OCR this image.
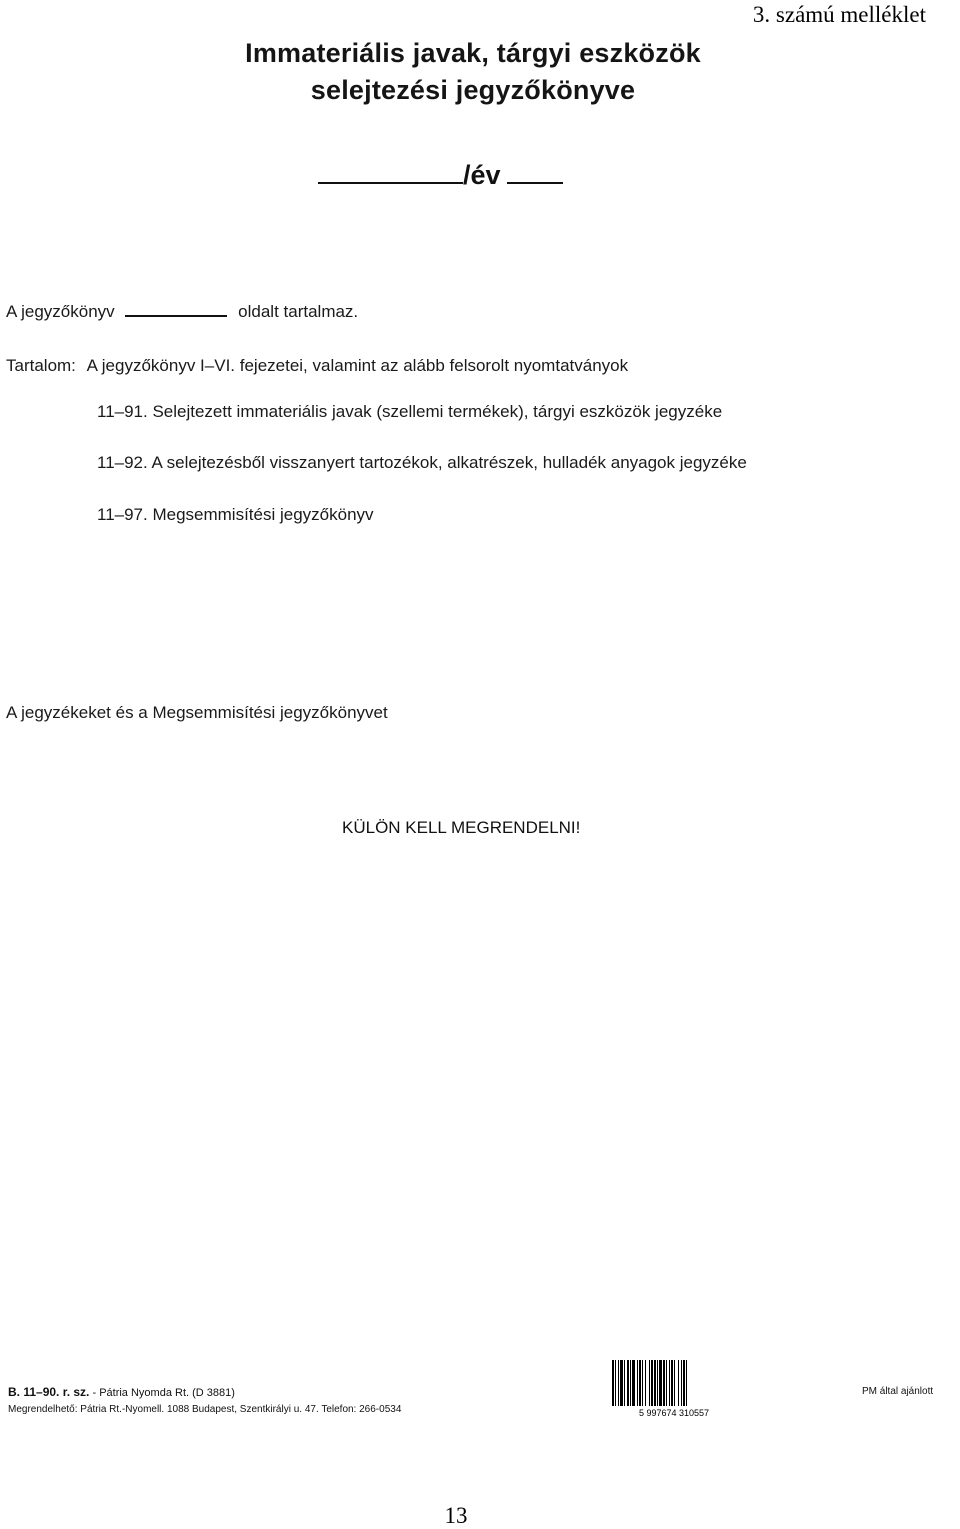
3. számú melléklet
Immateriális javak, tárgyi eszközök
selejtezési jegyzőkönyve
/év
A jegyzőkönyv	oldalt tartalmaz.
Tartalom: A jegyzőkönyv I–VI. fejezetei, valamint az alább felsorolt nyomtatványok
11–91. Selejtezett immateriális javak (szellemi termékek), tárgyi eszközök jegyzéke
11–92. A selejtezésből visszanyert tartozékok, alkatrészek, hulladék anyagok jegyzéke
11–97. Megsemmisítési jegyzőkönyv
A jegyzékeket és a Megsemmisítési jegyzőkönyvet
KÜLÖN KELL MEGRENDELNI!
B. 11–90. r. sz. - Pátria Nyomda Rt. (D 3881)
Megrendelhető: Pátria Rt.-Nyomell. 1088 Budapest, Szentkirályi u. 47. Telefon: 266-0534	5 997674 310557
PM által ajánlott
13
